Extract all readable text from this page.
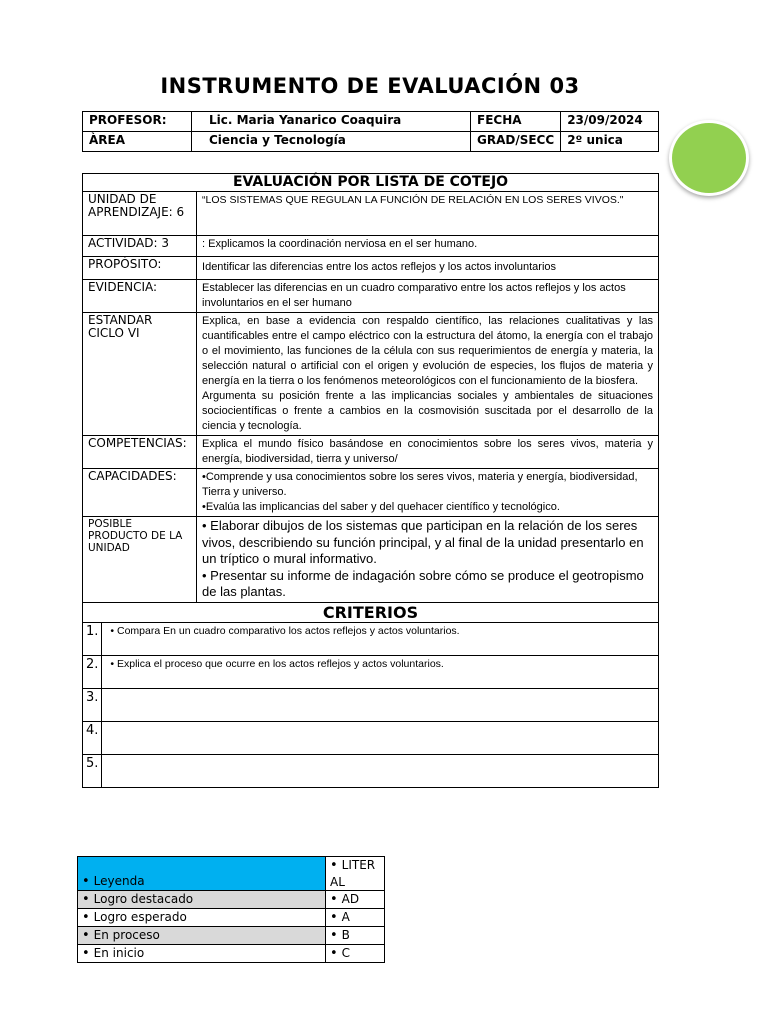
INSTRUMENTO DE EVALUACIÓN 03
PROFESOR:	Lic. Maria Yanarico Coaquira	FECHA	23/09/2024
ÀREA	Ciencia y Tecnología	GRAD/SECC	2º unica
EVALUACIÓN POR LISTA DE COTEJO		
UNIDAD DE APRENDIZAJE: 6		“LOS SISTEMAS QUE REGULAN LA FUNCIÓN DE RELACIÓN EN LOS SERES VIVOS."
ACTIVIDAD: 3		: Explicamos la coordinación nerviosa en el ser humano.
PROPÓSITO:		Identificar las diferencias entre los actos reflejos y los actos involuntarios
EVIDENCIA:		Establecer las diferencias en un cuadro comparativo entre los actos reflejos y los actos involuntarios en el ser humano
ESTANDAR CICLO VI		Explica, en base a evidencia con respaldo científico, las relaciones cualitativas y las cuantificables entre el campo eléctrico con la estructura del átomo, la energía con el trabajo o el movimiento, las funciones de la célula con sus requerimientos de energía y materia, la selección natural o artificial con el origen y evolución de especies, los flujos de materia y energía en la tierra o los fenómenos meteorológicos con el funcionamiento de la biosfera.
Argumenta su posición frente a las implicancias sociales y ambientales de situaciones sociocientíficas o frente a cambios en la cosmovisión suscitada por el desarrollo de la ciencia y tecnología.

COMPETENCIAS:		Explica el mundo físico basándose en conocimientos sobre los seres vivos, materia y energía, biodiversidad, tierra y universo/
CAPACIDADES:		•Comprende y usa conocimientos sobre los seres vivos, materia y energía, biodiversidad, Tierra y universo.
•Evalúa las implicancias del saber y del quehacer científico y tecnológico.

POSIBLE PRODUCTO DE LA UNIDAD		• Elaborar dibujos de los sistemas que participan en la relación de los seres vivos, describiendo su función principal, y al final de la unidad presentarlo en un tríptico o mural informativo.
• Presentar su informe de indagación sobre cómo se produce el geotropismo de las plantas.

CRITERIOS		
1.	• Compara En un cuadro comparativo los actos reflejos y actos voluntarios.	
2.	• Explica el proceso que ocurre en los actos reflejos y actos voluntarios.	
3.		
4.		
5.		
• Leyenda	• LITERAL
• Logro destacado	• AD
• Logro esperado	• A
• En proceso	• B
• En inicio	• C
